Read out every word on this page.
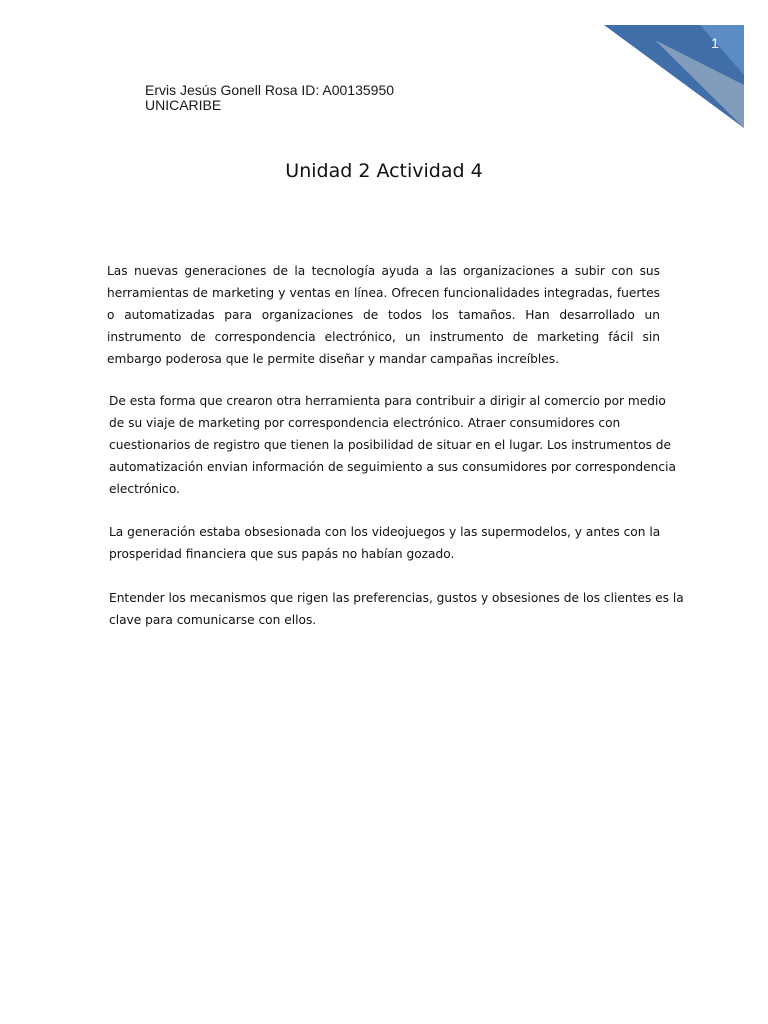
1
Ervis Jesús Gonell Rosa ID: A00135950
UNICARIBE
Unidad 2 Actividad 4

Las nuevas generaciones de la tecnología ayuda a las organizaciones a subir con sus herramientas de marketing y ventas en línea. Ofrecen funcionalidades integradas, fuertes o automatizadas para organizaciones de todos los tamaños. Han desarrollado un instrumento de correspondencia electrónico, un instrumento de marketing fácil sin embargo poderosa que le permite diseñar y mandar campañas increíbles.

De esta forma que crearon otra herramienta para contribuir a dirigir al comercio por medio de su viaje de marketing por correspondencia electrónico. Atraer consumidores con cuestionarios de registro que tienen la posibilidad de situar en el lugar. Los instrumentos de automatización envian información de seguimiento a sus consumidores por correspondencia electrónico.

La generación estaba obsesionada con los videojuegos y las supermodelos, y antes con la prosperidad financiera que sus papás no habían gozado.

Entender los mecanismos que rigen las preferencias, gustos y obsesiones de los clientes es la clave para comunicarse con ellos.
